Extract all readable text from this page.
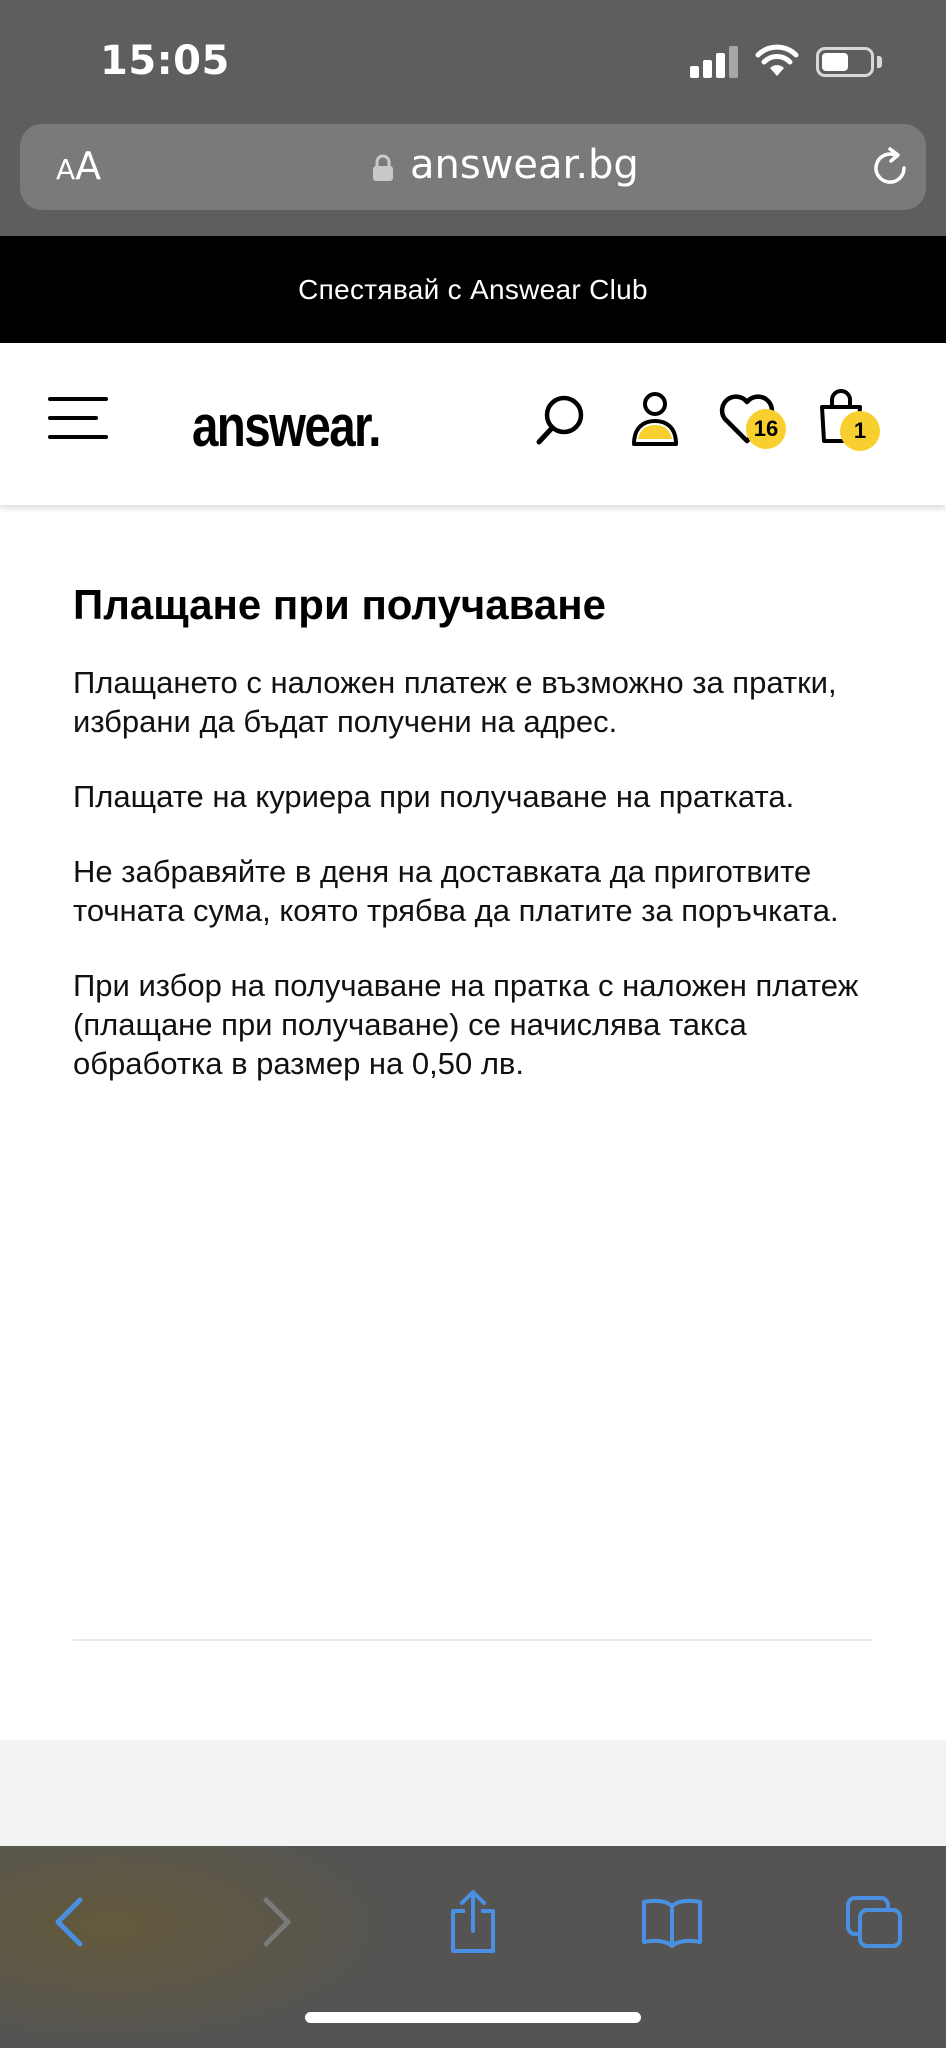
15:05
AA	answear.bg
Спестявай с Answear Club
answear.	16	1
Плащане при получаване

Плащането с наложен платеж е възможно за пратки, избрани да бъдат получени на адрес.

Плащате на куриера при получаване на пратката.

Не забравяйте в деня на доставката да приготвите точната сума, която трябва да платите за поръчката.

При избор на получаване на пратка с наложен платеж (плащане при получаване) се начислява такса обработка в размер на 0,50 лв.
